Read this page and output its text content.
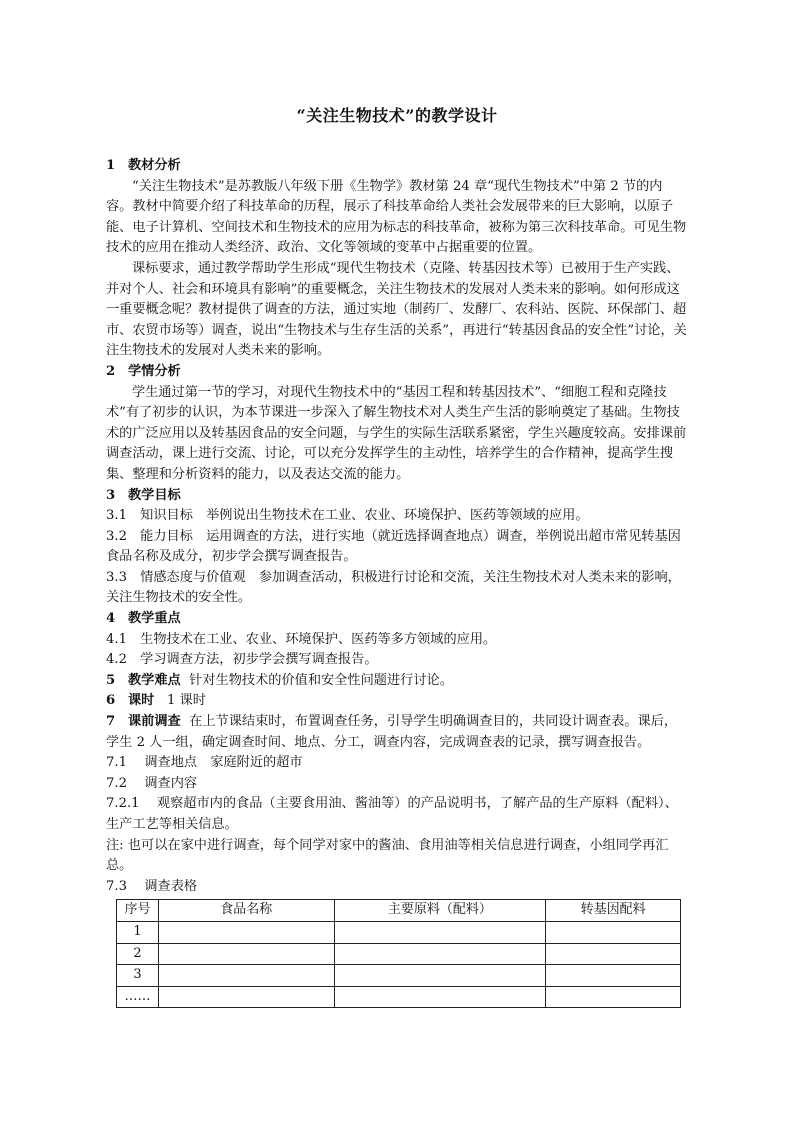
“关注生物技术”的教学设计

1 教材分析

“关注生物技术”是苏教版八年级下册《生物学》教材第 24 章“现代生物技术”中第 2 节的内容。教材中简要介绍了科技革命的历程，展示了科技革命给人类社会发展带来的巨大影响，以原子能、电子计算机、空间技术和生物技术的应用为标志的科技革命，被称为第三次科技革命。可见生物技术的应用在推动人类经济、政治、文化等领域的变革中占据重要的位置。

课标要求，通过教学帮助学生形成“现代生物技术（克隆、转基因技术等）已被用于生产实践、并对个人、社会和环境具有影响”的重要概念，关注生物技术的发展对人类未来的影响。如何形成这一重要概念呢？教材提供了调查的方法，通过实地（制药厂、发酵厂、农科站、医院、环保部门、超市、农贸市场等）调查，说出“生物技术与生存生活的关系”，再进行“转基因食品的安全性”讨论，关注生物技术的发展对人类未来的影响。

2 学情分析

学生通过第一节的学习，对现代生物技术中的“基因工程和转基因技术”、“细胞工程和克隆技术”有了初步的认识，为本节课进一步深入了解生物技术对人类生产生活的影响奠定了基础。生物技术的广泛应用以及转基因食品的安全问题，与学生的实际生活联系紧密，学生兴趣度较高。安排课前调查活动，课上进行交流、讨论，可以充分发挥学生的主动性，培养学生的合作精神，提高学生搜集、整理和分析资料的能力，以及表达交流的能力。

3 教学目标

3.1　知识目标　举例说出生物技术在工业、农业、环境保护、医药等领域的应用。

3.2　能力目标　运用调查的方法，进行实地（就近选择调查地点）调查，举例说出超市常见转基因食品名称及成分，初步学会撰写调查报告。

3.3　情感态度与价值观　参加调查活动，积极进行讨论和交流，关注生物技术对人类未来的影响，关注生物技术的安全性。

4 教学重点

4.1　生物技术在工业、农业、环境保护、医药等多方领域的应用。

4.2　学习调查方法，初步学会撰写调查报告。

5 教学难点 针对生物技术的价值和安全性问题进行讨论。

6 课时 1 课时

7 课前调查 在上节课结束时，布置调查任务，引导学生明确调查目的，共同设计调查表。课后，学生 2 人一组，确定调查时间、地点、分工，调查内容，完成调查表的记录，撰写调查报告。

7.1　 调查地点　家庭附近的超市

7.2　 调查内容

7.2.1　 观察超市内的食品（主要食用油、酱油等）的产品说明书，了解产品的生产原料（配料）、生产工艺等相关信息。

注: 也可以在家中进行调查，每个同学对家中的酱油、食用油等相关信息进行调查，小组同学再汇总。

7.3　 调查表格

序号	食品名称	主要原料（配料）	转基因配料
1			
2			
3			
……			
